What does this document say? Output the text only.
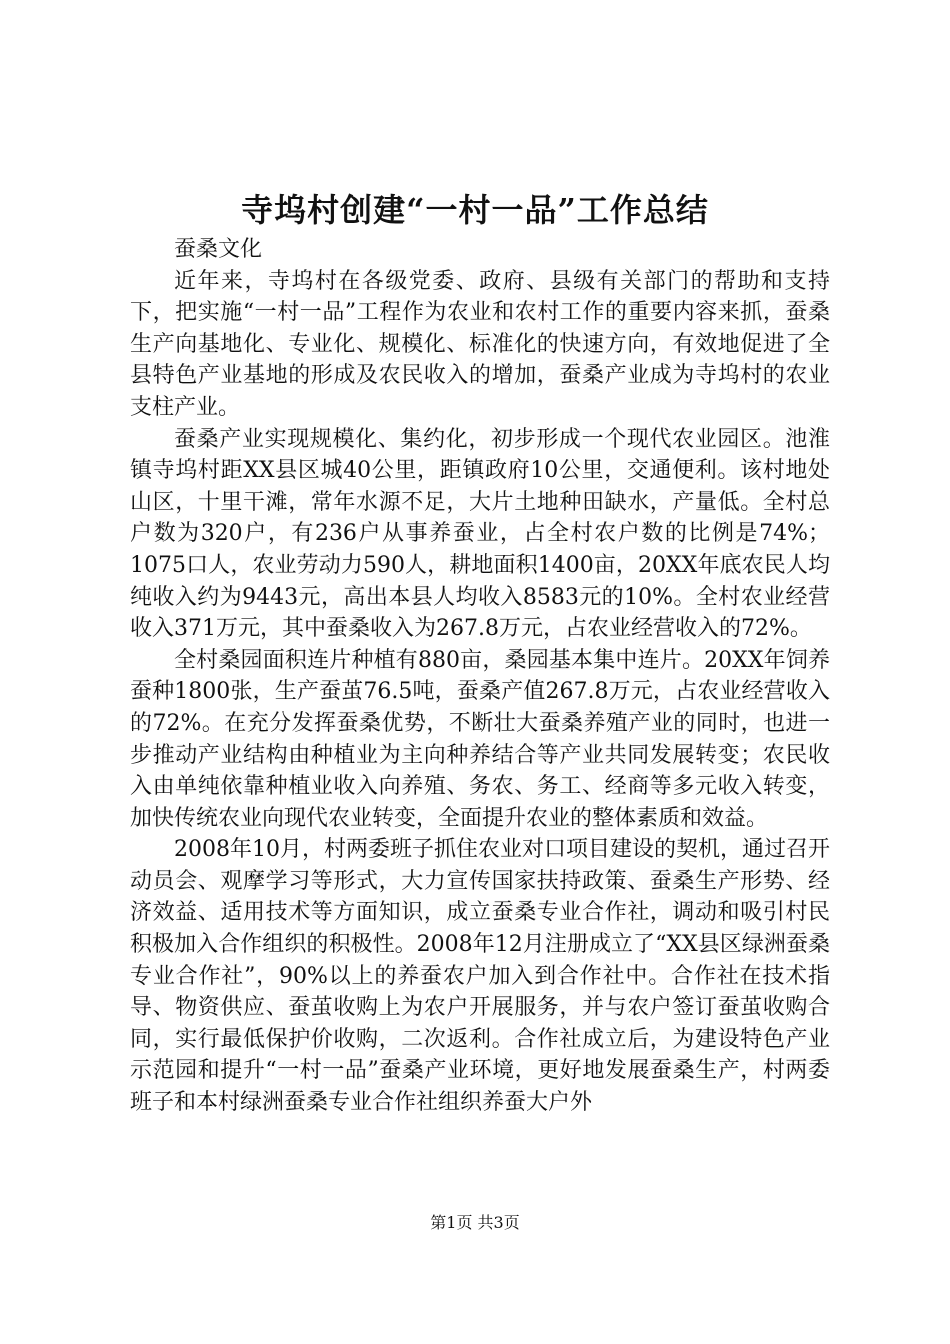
寺坞村创建“一村一品”工作总结

蚕桑文化

近年来，寺坞村在各级党委、政府、县级有关部门的帮助和支持下，把实施“一村一品”工程作为农业和农村工作的重要内容来抓，蚕桑生产向基地化、专业化、规模化、标准化的快速方向，有效地促进了全县特色产业基地的形成及农民收入的增加，蚕桑产业成为寺坞村的农业支柱产业。

蚕桑产业实现规模化、集约化，初步形成一个现代农业园区。池淮镇寺坞村距XX县区城40公里，距镇政府10公里，交通便利。该村地处山区，十里干滩，常年水源不足，大片土地种田缺水，产量低。全村总户数为320户，有236户从事养蚕业，占全村农户数的比例是74%；1075口人，农业劳动力590人，耕地面积1400亩，20XX年底农民人均纯收入约为9443元，高出本县人均收入8583元的10%。全村农业经营收入371万元，其中蚕桑收入为267.8万元，占农业经营收入的72%。

全村桑园面积连片种植有880亩，桑园基本集中连片。20XX年饲养蚕种1800张，生产蚕茧76.5吨，蚕桑产值267.8万元，占农业经营收入的72%。在充分发挥蚕桑优势，不断壮大蚕桑养殖产业的同时，也进一步推动产业结构由种植业为主向种养结合等产业共同发展转变；农民收入由单纯依靠种植业收入向养殖、务农、务工、经商等多元收入转变，加快传统农业向现代农业转变，全面提升农业的整体素质和效益。

2008年10月，村两委班子抓住农业对口项目建设的契机，通过召开动员会、观摩学习等形式，大力宣传国家扶持政策、蚕桑生产形势、经济效益、适用技术等方面知识，成立蚕桑专业合作社，调动和吸引村民积极加入合作组织的积极性。2008年12月注册成立了“XX县区绿洲蚕桑专业合作社”，90%以上的养蚕农户加入到合作社中。合作社在技术指导、物资供应、蚕茧收购上为农户开展服务，并与农户签订蚕茧收购合同，实行最低保护价收购，二次返利。合作社成立后，为建设特色产业示范园和提升“一村一品”蚕桑产业环境，更好地发展蚕桑生产，村两委班子和本村绿洲蚕桑专业合作社组织养蚕大户外

第1页 共3页
